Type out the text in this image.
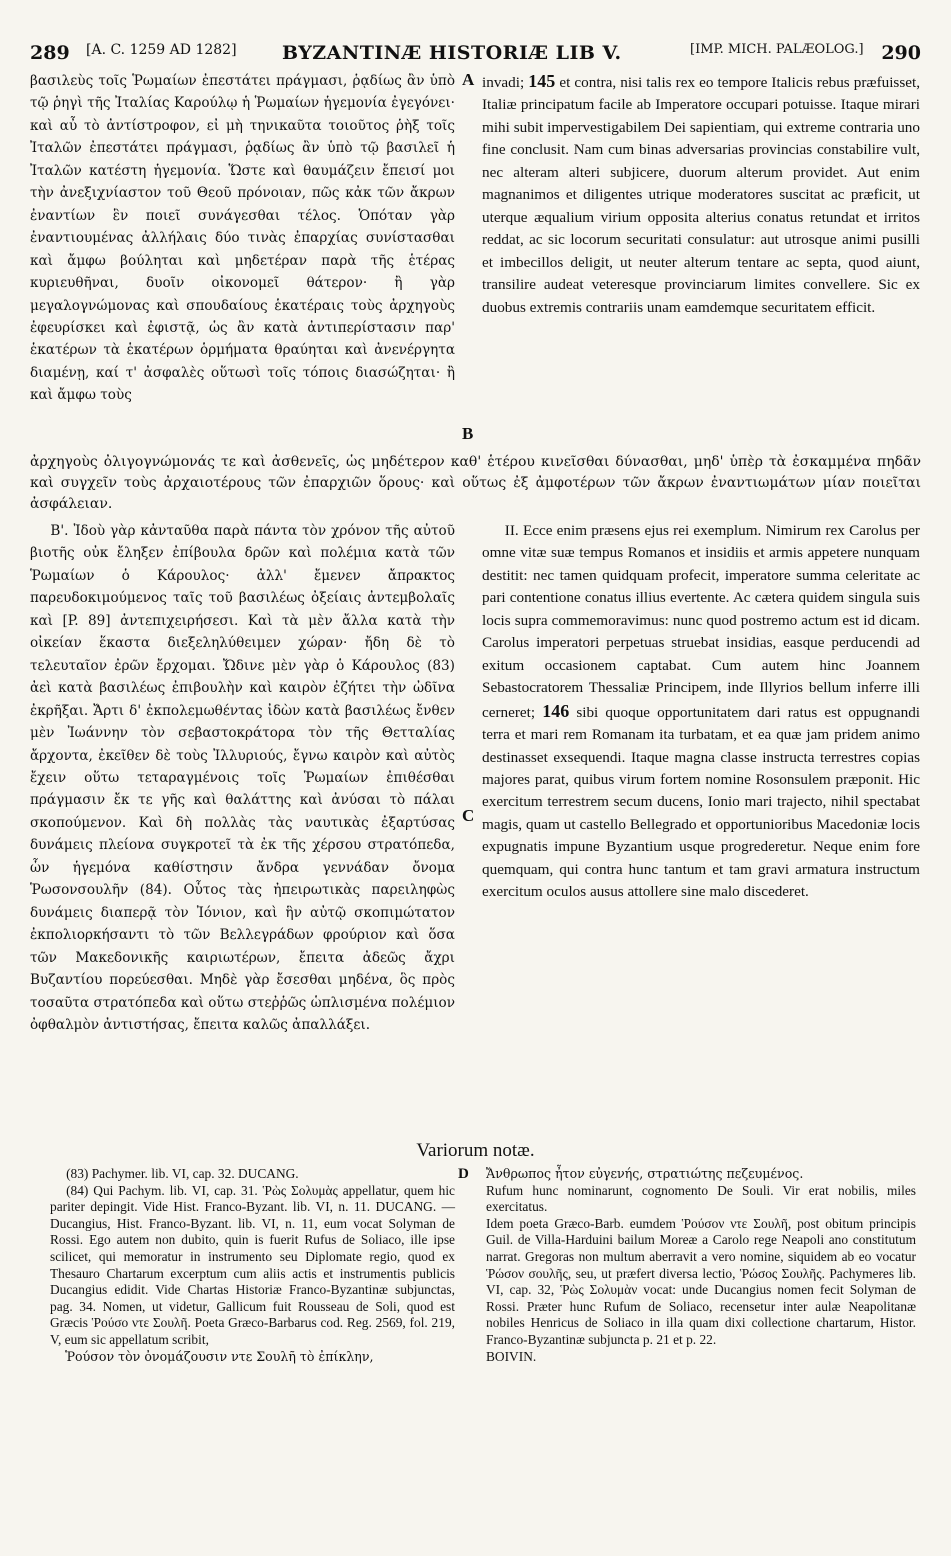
289 [A. C. 1259 AD 1282] BYZANTINÆ HISTORIÆ LIB V.	[IMP. MICH. PALÆOLOG.] 290

βασιλεὺς τοῖς Ῥωμαίων ἐπεστάτει πράγμασι, ῥᾳδίως ἂν ὑπὸ τῷ ῥηγὶ τῆς Ἰταλίας Καρούλῳ ἡ Ῥωμαίων ἡγεμονία ἐγεγόνει· καὶ αὖ τὸ ἀντίστροφον, εἰ μὴ τηνικαῦτα τοιοῦτος ῥὴξ τοῖς Ἰταλῶν ἐπεστάτει πράγμασι, ῥᾳδίως ἂν ὑπὸ τῷ βασιλεῖ ἡ Ἰταλῶν κατέστη ἡγεμονία. Ὥστε καὶ θαυμάζειν ἔπεισί μοι τὴν ἀνεξιχνίαστον τοῦ Θεοῦ πρόνοιαν, πῶς κἀκ τῶν ἄκρων ἐναντίων ἓν ποιεῖ συνάγεσθαι τέλος. Ὁπόταν γὰρ ἐναντιουμένας ἀλλήλαις δύο τινὰς ἐπαρχίας συνίστασθαι καὶ ἄμφω βούληται καὶ μηδετέραν παρὰ τῆς ἑτέρας κυριευθῆναι, δυοῖν οἰκονομεῖ θάτερον· ἢ γὰρ μεγαλογνώμονας καὶ σπουδαίους ἑκατέραις τοὺς ἀρχηγοὺς ἐφευρίσκει καὶ ἐφιστᾷ, ὡς ἂν κατὰ ἀντιπερίστασιν παρ' ἑκατέρων τὰ ἑκατέρων ὁρμήματα θραύηται καὶ ἀνενέργητα διαμένῃ, καί τ' ἀσφαλὲς οὕτωσὶ τοῖς τόποις διασώζηται· ἢ καὶ ἄμφω τοὺς

A
B

invadi; 145 et contra, nisi talis rex eo tempore Italicis rebus præfuisset, Italiæ principatum facile ab Imperatore occupari potuisse. Itaque mirari mihi subit impervestigabilem Dei sapientiam, qui extreme contraria uno fine conclusit. Nam cum binas adversarias provincias constabilire vult, nec alteram alteri subjicere, duorum alterum providet. Aut enim magnanimos et diligentes utrique moderatores suscitat ac præficit, ut uterque æqualium virium opposita alterius conatus retundat et irritos reddat, ac sic locorum securitati consulatur: aut utrosque animi pusilli et imbecillos deligit, ut neuter alterum tentare ac septa, quod aiunt, transilire audeat veteresque provinciarum limites convellere. Sic ex duobus extremis contrariis unam eamdemque securitatem efficit.

ἀρχηγοὺς ὀλιγογνώμονάς τε καὶ ἀσθενεῖς, ὡς μηδέτερον καθ' ἑτέρου κινεῖσθαι δύνασθαι, μηδ' ὑπὲρ τὰ ἐσκαμμένα πηδᾶν καὶ συγχεῖν τοὺς ἀρχαιοτέρους τῶν ἐπαρχιῶν ὅρους· καὶ οὕτως ἐξ ἀμφοτέρων τῶν ἄκρων ἐναντιωμάτων μίαν ποιεῖται ἀσφάλειαν.

Β'. Ἰδοὺ γὰρ κἀνταῦθα παρὰ πάντα τὸν χρόνον τῆς αὐτοῦ βιοτῆς οὐκ ἔληξεν ἐπίβουλα δρῶν καὶ πολέμια κατὰ τῶν Ῥωμαίων ὁ Κάρουλος· ἀλλ' ἔμενεν ἄπρακτος παρευδοκιμούμενος ταῖς τοῦ βασιλέως ὀξείαις ἀντεμβολαῖς καὶ [P. 89] ἀντεπιχειρήσεσι. Καὶ τὰ μὲν ἄλλα κατὰ τὴν οἰκείαν ἕκαστα διεξεληλύθειμεν χώραν· ἤδη δὲ τὸ τελευταῖον ἐρῶν ἔρχομαι. Ὤδινε μὲν γὰρ ὁ Κάρουλος (83) ἀεὶ κατὰ βασιλέως ἐπιβουλὴν καὶ καιρὸν ἐζήτει τὴν ὠδῖνα ἐκρῆξαι. Ἄρτι δ' ἐκπολεμωθέντας ἰδὼν κατὰ βασιλέως ἔνθεν μὲν Ἰωάννην τὸν σεβαστοκράτορα τὸν τῆς Θετταλίας ἄρχοντα, ἐκεῖθεν δὲ τοὺς Ἰλλυριούς, ἔγνω καιρὸν καὶ αὐτὸς ἔχειν οὕτω τεταραγμένοις τοῖς Ῥωμαίων ἐπιθέσθαι πράγμασιν ἔκ τε γῆς καὶ θαλάττης καὶ ἀνύσαι τὸ πάλαι σκοπούμενον. Καὶ δὴ πολλὰς τὰς ναυτικὰς ἐξαρτύσας δυνάμεις πλείονα συγκροτεῖ τὰ ἐκ τῆς χέρσου στρατόπεδα, ὧν ἡγεμόνα καθίστησιν ἄνδρα γεννάδαν ὄνομα Ῥωσονσουλῆν (84). Οὗτος τὰς ἠπειρωτικὰς παρειληφὼς δυνάμεις διαπερᾷ τὸν Ἰόνιον, καὶ ἣν αὐτῷ σκοπιμώτατον ἐκπολιορκήσαντι τὸ τῶν Βελλεγράδων φρούριον καὶ ὅσα τῶν Μακεδονικῆς καιριωτέρων, ἔπειτα ἀδεῶς ἄχρι Βυζαντίου πορεύεσθαι. Μηδὲ γὰρ ἔσεσθαι μηδένα, ὃς πρὸς τοσαῦτα στρατόπεδα καὶ οὕτω στεῤῥῶς ὡπλισμένα πολέμιον ὀφθαλμὸν ἀντιστήσας, ἔπειτα καλῶς ἀπαλλάξει.

C

II. Ecce enim præsens ejus rei exemplum. Nimirum rex Carolus per omne vitæ suæ tempus Romanos et insidiis et armis appetere nunquam destitit: nec tamen quidquam profecit, imperatore summa celeritate ac pari contentione conatus illius evertente. Ac cætera quidem singula suis locis supra commemoravimus: nunc quod postremo actum est id dicam. Carolus imperatori perpetuas struebat insidias, easque perducendi ad exitum occasionem captabat. Cum autem hinc Joannem Sebastocratorem Thessaliæ Principem, inde Illyrios bellum inferre illi cerneret; 146 sibi quoque opportunitatem dari ratus est oppugnandi terra et mari rem Romanam ita turbatam, et ea quæ jam pridem animo destinasset exsequendi. Itaque magna classe instructa terrestres copias majores parat, quibus virum fortem nomine Rosonsulem præponit. Hic exercitum terrestrem secum ducens, Ionio mari trajecto, nihil spectabat magis, quam ut castello Bellegrado et opportunioribus Macedoniæ locis expugnatis impune Byzantium usque progrederetur. Neque enim fore quemquam, qui contra hunc tantum et tam gravi armatura instructum exercitum oculos ausus attollere sine malo discederet.

Variorum notæ.
D

(83) Pachymer. lib. VI, cap. 32. DUCANG.

(84) Qui Pachym. lib. VI, cap. 31. Ῥὼς Σολυμὰς appellatur, quem hic pariter depingit. Vide Hist. Franco-Byzant. lib. VI, n. 11. DUCANG. — Ducangius, Hist. Franco-Byzant. lib. VI, n. 11, eum vocat Solyman de Rossi. Ego autem non dubito, quin is fuerit Rufus de Soliaco, ille ipse scilicet, qui memoratur in instrumento seu Diplomate regio, quod ex Thesauro Chartarum excerptum cum aliis actis et instrumentis publicis Ducangius edidit. Vide Chartas Historiæ Franco-Byzantinæ subjunctas, pag. 34. Nomen, ut videtur, Gallicum fuit Rousseau de Soli, quod est Græcis Ῥούσο ντε Σουλῆ. Poeta Græco-Barbarus cod. Reg. 2569, fol. 219, V, eum sic appellatum scribit,

Ῥούσον τὸν ὀνομάζουσιν ντε Σουλῆ τὸ ἐπίκλην,

Ἄνθρωπος ἦτον εὐγενής, στρατιώτης πεζευμένος.

Rufum hunc nominarunt, cognomento De Souli. Vir erat nobilis, miles exercitatus.

Idem poeta Græco-Barb. eumdem Ῥούσον ντε Σουλῆ, post obitum principis Guil. de Villa-Harduini bailum Moreæ a Carolo rege Neapoli ano constitutum narrat. Gregoras non multum aberravit a vero nomine, siquidem ab eo vocatur Ῥώσον σουλῆς, seu, ut præfert diversa lectio, Ῥώσος Σουλῆς. Pachymeres lib. VI, cap. 32, Ῥὼς Σολυμὰν vocat: unde Ducangius nomen fecit Solyman de Rossi. Præter hunc Rufum de Soliaco, recensetur inter aulæ Neapolitanæ nobiles Henricus de Soliaco in illa quam dixi collectione chartarum, Histor. Franco-Byzantinæ subjuncta p. 21 et p. 22.

BOIVIN.
